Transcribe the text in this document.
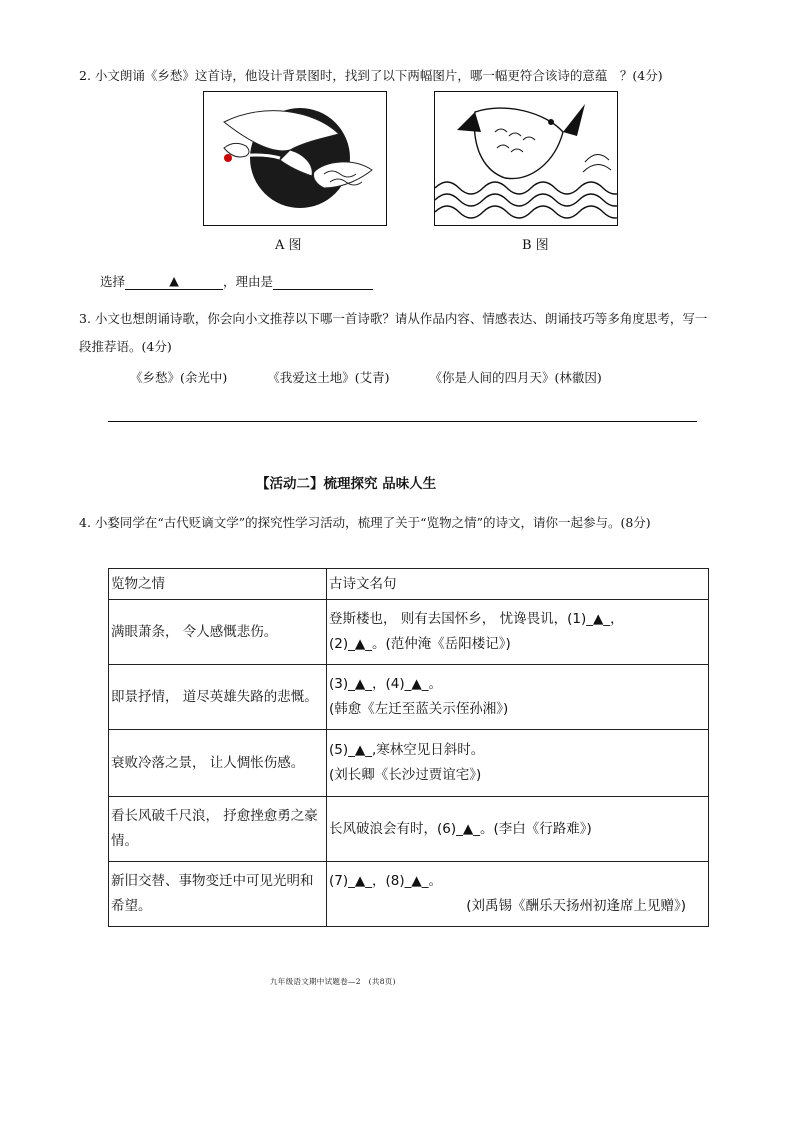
2. 小文朗诵《乡愁》这首诗，他设计背景图时，找到了以下两幅图片，哪一幅更符合该诗的意蕴　？(4分)
A 图	B 图
选择	▲	，理由是
3. 小文也想朗诵诗歌，你会向小文推荐以下哪一首诗歌？请从作品内容、情感表达、朗诵技巧等多角度思考，写一段推荐语。(4分)
《乡愁》(余光中)	《我爱这土地》(艾青)	《你是人间的四月天》(林徽因)
【活动二】梳理探究 品味人生
4. 小婺同学在“古代贬谪文学”的探究性学习活动，梳理了关于“览物之情”的诗文，请你一起参与。(8分)
览物之情	古诗文名句
满眼萧条， 令人感慨悲伤。	登斯楼也， 则有去国怀乡， 忧谗畏讥，(1)_▲_，
(2)_▲_。(范仲淹《岳阳楼记》)

即景抒情， 道尽英雄失路的悲慨。	(3)_▲_，(4)_▲_。
(韩愈《左迁至蓝关示侄孙湘》)

衰败冷落之景， 让人惆怅伤感。	(5)_▲_,寒林空见日斜时。
(刘长卿《长沙过贾谊宅》)

看长风破千尺浪， 抒愈挫愈勇之豪情。	长风破浪会有时，(6)_▲_。(李白《行路难》)

新旧交替、事物变迁中可见光明和希望。	(7)_▲_，(8)_▲_。
(刘禹锡《酬乐天扬州初逢席上见赠》)
九年级语文期中试题卷—2　(共8页)
